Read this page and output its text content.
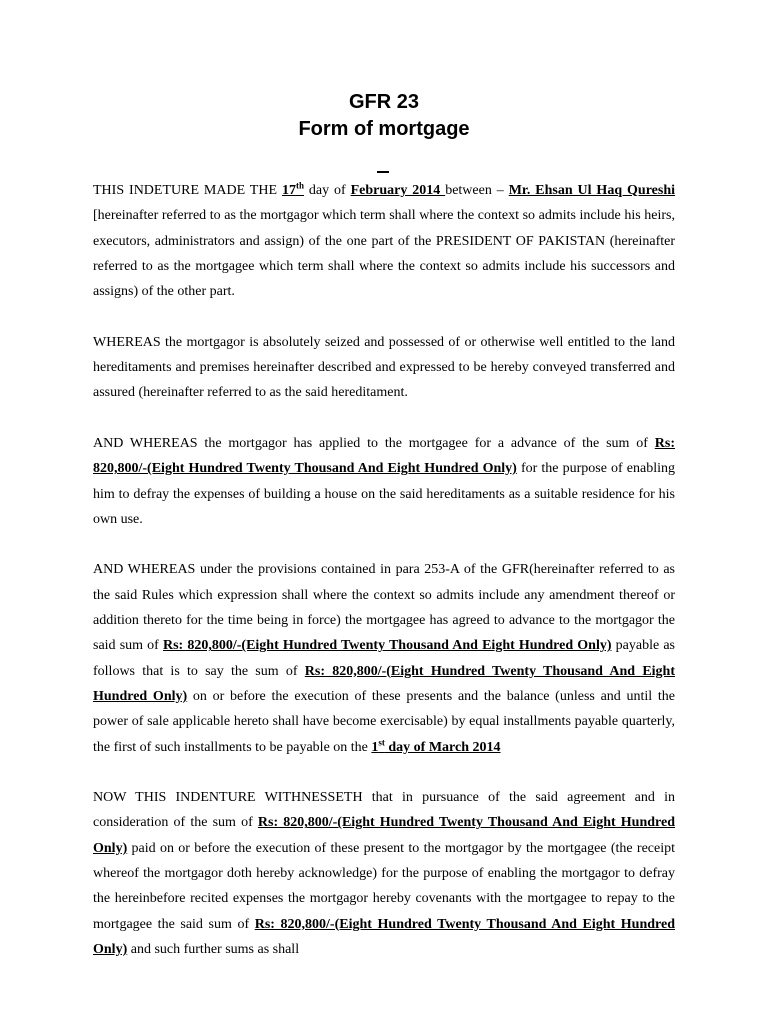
GFR 23
Form of mortgage

THIS INDETURE MADE THE 17th day of February 2014 between – Mr. Ehsan Ul Haq Qureshi [hereinafter referred to as the mortgagor which term shall where the context so admits include his heirs, executors, administrators and assign) of the one part of the PRESIDENT OF PAKISTAN (hereinafter referred to as the mortgagee which term shall where the context so admits include his successors and assigns) of the other part.

WHEREAS the mortgagor is absolutely seized and possessed of or otherwise well entitled to the land hereditaments and premises hereinafter described and expressed to be hereby conveyed transferred and assured (hereinafter referred to as the said hereditament.

AND WHEREAS the mortgagor has applied to the mortgagee for a advance of the sum of Rs: 820,800/-(Eight Hundred Twenty Thousand And Eight Hundred Only) for the purpose of enabling him to defray the expenses of building a house on the said hereditaments as a suitable residence for his own use.

AND WHEREAS under the provisions contained in para 253-A of the GFR(hereinafter referred to as the said Rules which expression shall where the context so admits include any amendment thereof or addition thereto for the time being in force) the mortgagee has agreed to advance to the mortgagor the said sum of Rs: 820,800/-(Eight Hundred Twenty Thousand And Eight Hundred Only) payable as follows that is to say the sum of Rs: 820,800/-(Eight Hundred Twenty Thousand And Eight Hundred Only) on or before the execution of these presents and the balance (unless and until the power of sale applicable hereto shall have become exercisable) by equal installments payable quarterly, the first of such installments to be payable on the 1st day of March 2014

NOW THIS INDENTURE WITHNESSETH that in pursuance of the said agreement and in consideration of the sum of Rs: 820,800/-(Eight Hundred Twenty Thousand And Eight Hundred Only) paid on or before the execution of these present to the mortgagor by the mortgagee (the receipt whereof the mortgagor doth hereby acknowledge) for the purpose of enabling the mortgagor to defray the hereinbefore recited expenses the mortgagor hereby covenants with the mortgagee to repay to the mortgagee the said sum of Rs: 820,800/-(Eight Hundred Twenty Thousand And Eight Hundred Only) and such further sums as shall
